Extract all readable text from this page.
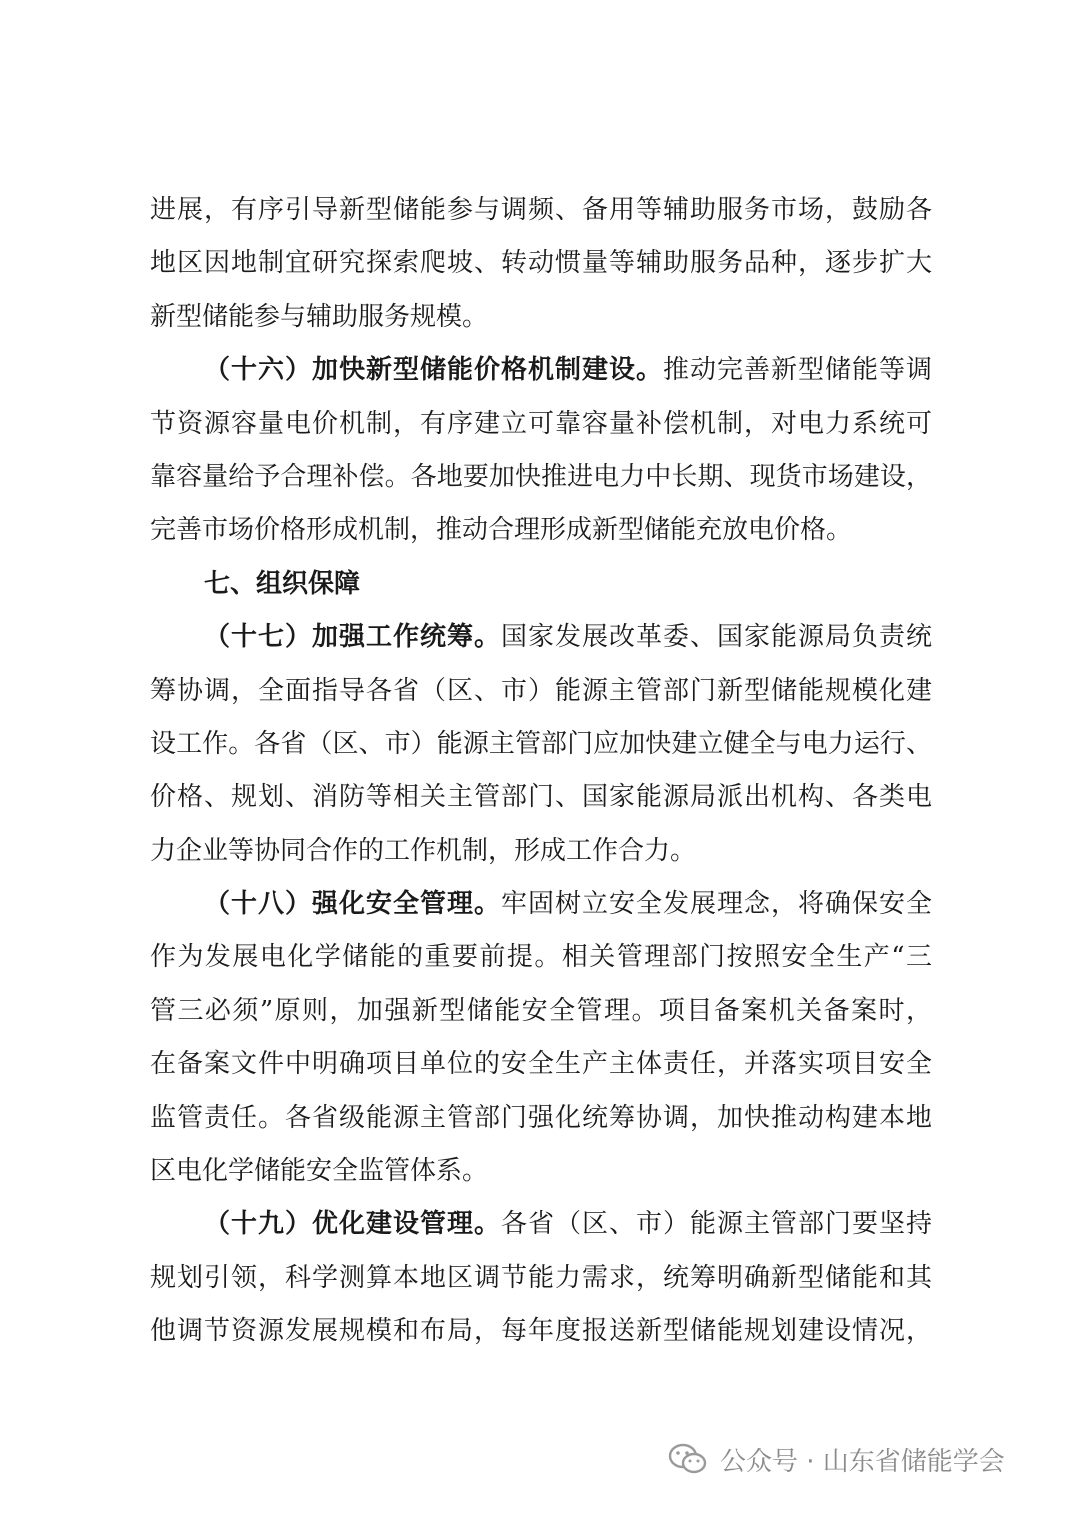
进展，有序引导新型储能参与调频、备用等辅助服务市场，鼓励各
地区因地制宜研究探索爬坡、转动惯量等辅助服务品种，逐步扩大
新型储能参与辅助服务规模。
（十六）加快新型储能价格机制建设。推动完善新型储能等调
节资源容量电价机制，有序建立可靠容量补偿机制，对电力系统可
靠容量给予合理补偿。各地要加快推进电力中长期、现货市场建设，
完善市场价格形成机制，推动合理形成新型储能充放电价格。
七、组织保障
（十七）加强工作统筹。国家发展改革委、国家能源局负责统
筹协调，全面指导各省（区、市）能源主管部门新型储能规模化建
设工作。各省（区、市）能源主管部门应加快建立健全与电力运行、
价格、规划、消防等相关主管部门、国家能源局派出机构、各类电
力企业等协同合作的工作机制，形成工作合力。
（十八）强化安全管理。牢固树立安全发展理念，将确保安全
作为发展电化学储能的重要前提。相关管理部门按照安全生产“三
管三必须”原则，加强新型储能安全管理。项目备案机关备案时，
在备案文件中明确项目单位的安全生产主体责任，并落实项目安全
监管责任。各省级能源主管部门强化统筹协调，加快推动构建本地
区电化学储能安全监管体系。
（十九）优化建设管理。各省（区、市）能源主管部门要坚持
规划引领，科学测算本地区调节能力需求，统筹明确新型储能和其
他调节资源发展规模和布局，每年度报送新型储能规划建设情况，
公众号 · 山东省储能学会
